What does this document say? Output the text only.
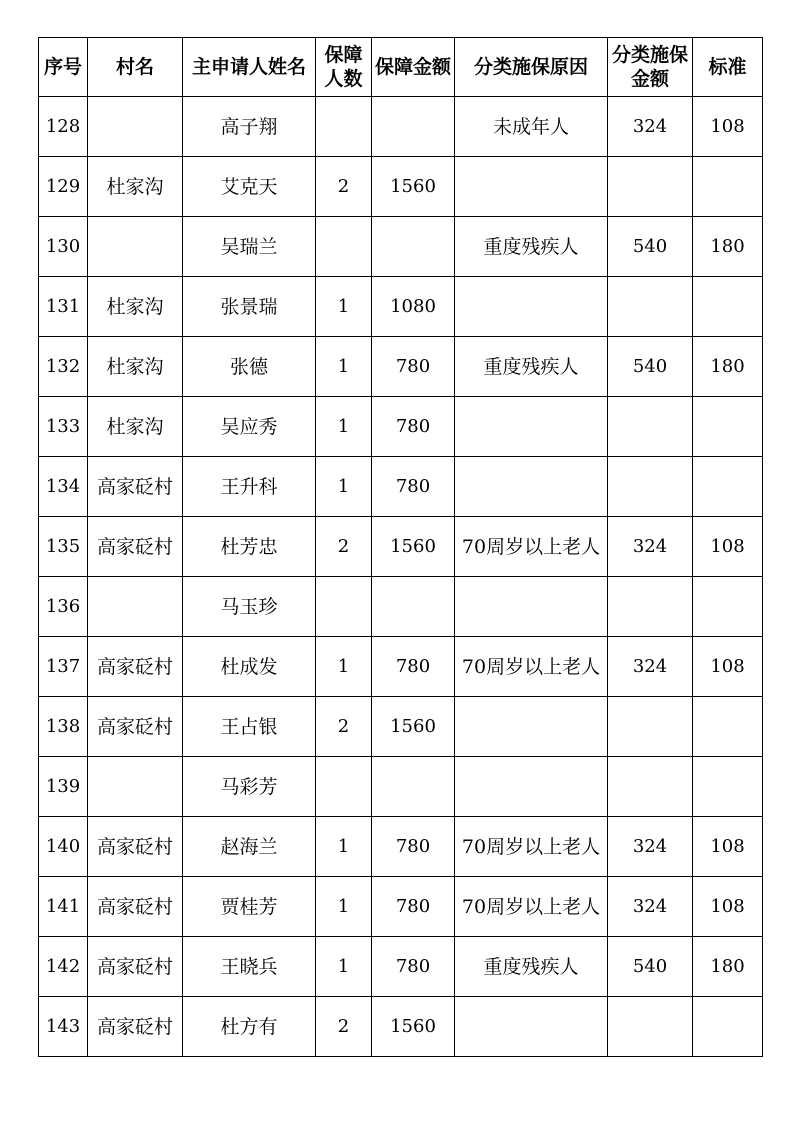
序号	村名	主申请人姓名	保障人数	保障金额	分类施保原因	分类施保金额	标准
128		高子翔			未成年人	324	108
129	杜家沟	艾克天	2	1560			
130		吴瑞兰			重度残疾人	540	180
131	杜家沟	张景瑞	1	1080			
132	杜家沟	张德	1	780	重度残疾人	540	180
133	杜家沟	吴应秀	1	780			
134	高家砭村	王升科	1	780			
135	高家砭村	杜芳忠	2	1560	70周岁以上老人	324	108
136		马玉珍					
137	高家砭村	杜成发	1	780	70周岁以上老人	324	108
138	高家砭村	王占银	2	1560			
139		马彩芳					
140	高家砭村	赵海兰	1	780	70周岁以上老人	324	108
141	高家砭村	贾桂芳	1	780	70周岁以上老人	324	108
142	高家砭村	王晓兵	1	780	重度残疾人	540	180
143	高家砭村	杜方有	2	1560			
